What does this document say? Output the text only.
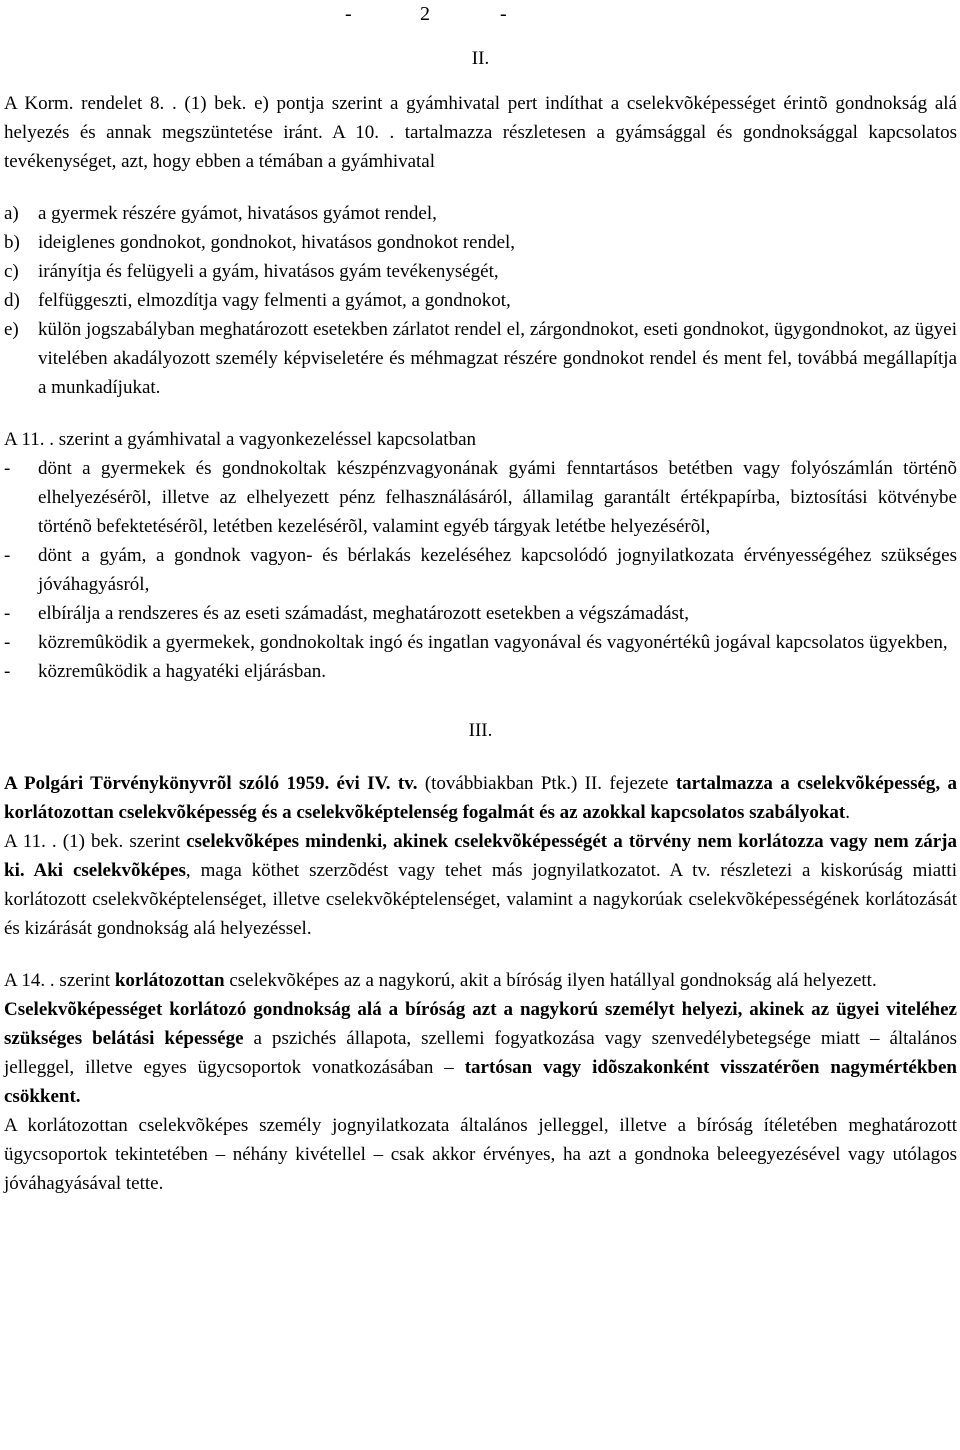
-	2	-
II.

A Korm. rendelet 8. . (1) bek. e) pontja szerint a gyámhivatal pert indíthat a cselekvõképességet érintõ gondnokság alá helyezés és annak megszüntetése iránt. A 10. . tartalmazza részletesen a gyámsággal és gondnoksággal kapcsolatos tevékenységet, azt, hogy ebben a témában a gyámhivatal

a)	a gyermek részére gyámot, hivatásos gyámot rendel,
b) ideiglenes gondnokot, gondnokot, hivatásos gondnokot rendel,
c)	irányítja és felügyeli a gyám, hivatásos gyám tevékenységét,
d) felfüggeszti, elmozdítja vagy felmenti a gyámot, a gondnokot,
e)	külön jogszabályban meghatározott esetekben zárlatot rendel el, zárgondnokot, eseti gondnokot, ügygondnokot, az ügyei vitelében akadályozott személy képviseletére és méhmagzat részére gondnokot rendel és ment fel, továbbá megállapítja a munkadíjukat.

A 11. . szerint a gyámhivatal a vagyonkezeléssel kapcsolatban

-	dönt a gyermekek és gondnokoltak készpénzvagyonának gyámi fenntartásos betétben vagy folyószámlán történõ elhelyezésérõl, illetve az elhelyezett pénz felhasználásáról, államilag garantált értékpapírba, biztosítási kötvénybe történõ befektetésérõl, letétben kezelésérõl, valamint egyéb tárgyak letétbe helyezésérõl,
-	dönt a gyám, a gondnok vagyon- és bérlakás kezeléséhez kapcsolódó jognyilatkozata érvényességéhez szükséges jóváhagyásról,
-	elbírálja a rendszeres és az eseti számadást, meghatározott esetekben a végszámadást,
-	közremûködik a gyermekek, gondnokoltak ingó és ingatlan vagyonával és vagyonértékû jogával kapcsolatos ügyekben,
-	közremûködik a hagyatéki eljárásban.
III.

A Polgári Törvénykönyvrõl szóló 1959. évi IV. tv. (továbbiakban Ptk.) II. fejezete tartalmazza a cselekvõképesség, a korlátozottan cselekvõképesség és a cselekvõképtelenség fogalmát és az azokkal kapcsolatos szabályokat.

A 11. . (1) bek. szerint cselekvõképes mindenki, akinek cselekvõképességét a törvény nem korlátozza vagy nem zárja ki. Aki cselekvõképes, maga köthet szerzõdést vagy tehet más jognyilatkozatot. A tv. részletezi a kiskorúság miatti korlátozott cselekvõképtelenséget, illetve cselekvõképtelenséget, valamint a nagykorúak cselekvõképességének korlátozását és kizárását gondnokság alá helyezéssel.

A 14. . szerint korlátozottan cselekvõképes az a nagykorú, akit a bíróság ilyen hatállyal gondnokság alá helyezett.

Cselekvõképességet korlátozó gondnokság alá a bíróság azt a nagykorú személyt helyezi, akinek az ügyei viteléhez szükséges belátási képessége a pszichés állapota, szellemi fogyatkozása vagy szenvedélybetegsége miatt – általános jelleggel, illetve egyes ügycsoportok vonatkozásában – tartósan vagy idõszakonként visszatérõen nagymértékben csökkent.

A korlátozottan cselekvõképes személy jognyilatkozata általános jelleggel, illetve a bíróság ítéletében meghatározott ügycsoportok tekintetében – néhány kivétellel – csak akkor érvényes, ha azt a gondnoka beleegyezésével vagy utólagos jóváhagyásával tette.
